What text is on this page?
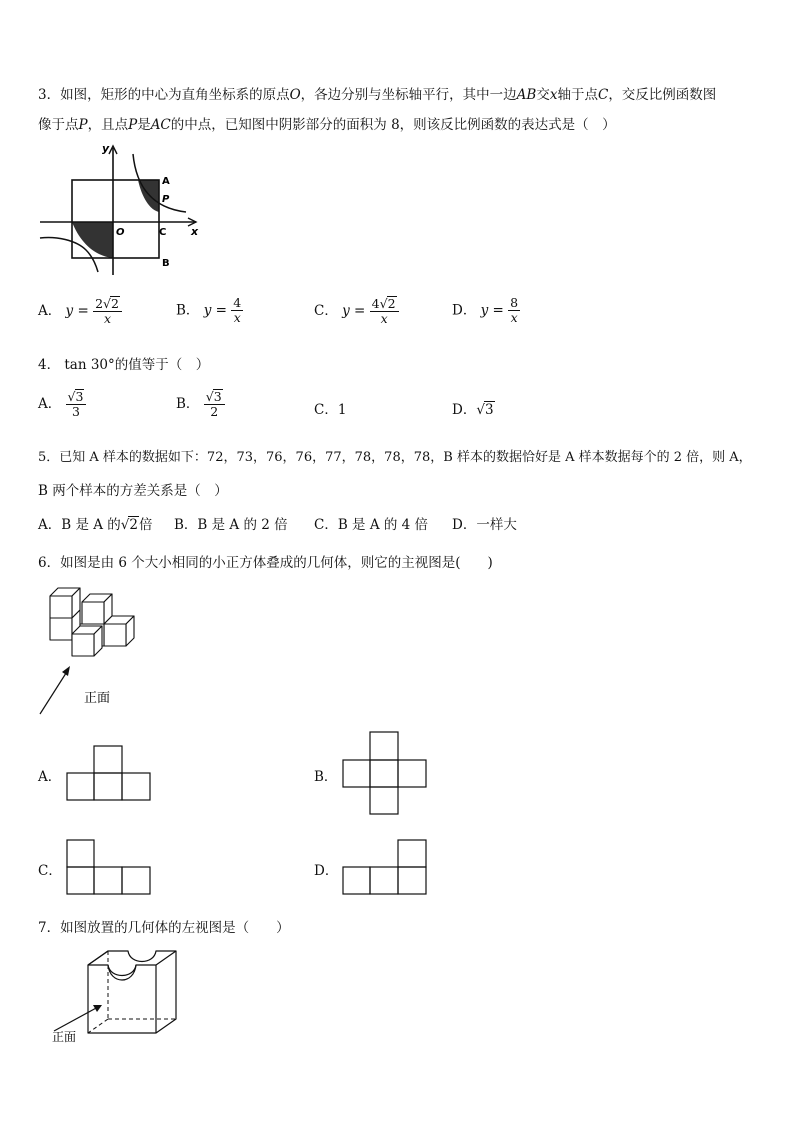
3．如图，矩形的中心为直角坐标系的原点O，各边分别与坐标轴平行，其中一边AB交x轴于点C，交反比例函数图
像于点P，且点P是AC的中点，已知图中阴影部分的面积为 8，则该反比例函数的表达式是（　）
y
x
O
A
P
C
B
A． $y = \frac{2√2}{x}$	B． $y = \frac{4}{x}$	C． $y = \frac{4√2}{x}$	D． $y = \frac{8}{x}$
4． tan 30°的值等于（　）
A． $\frac{√3}{3}$	B． $\frac{√3}{2}$	C．1	D．√3
5．已知 A 样本的数据如下：72，73，76，76，77，78，78，78，B 样本的数据恰好是 A 样本数据每个的 2 倍，则 A，
B 两个样本的方差关系是（　）
A．B 是 A 的√2倍 B．B 是 A 的 2 倍 C．B 是 A 的 4 倍 D．一样大
6．如图是由 6 个大小相同的小正方体叠成的几何体，则它的主视图是(　　)
正面
A．	B．
C．	D．
7．如图放置的几何体的左视图是（　　）
正面
